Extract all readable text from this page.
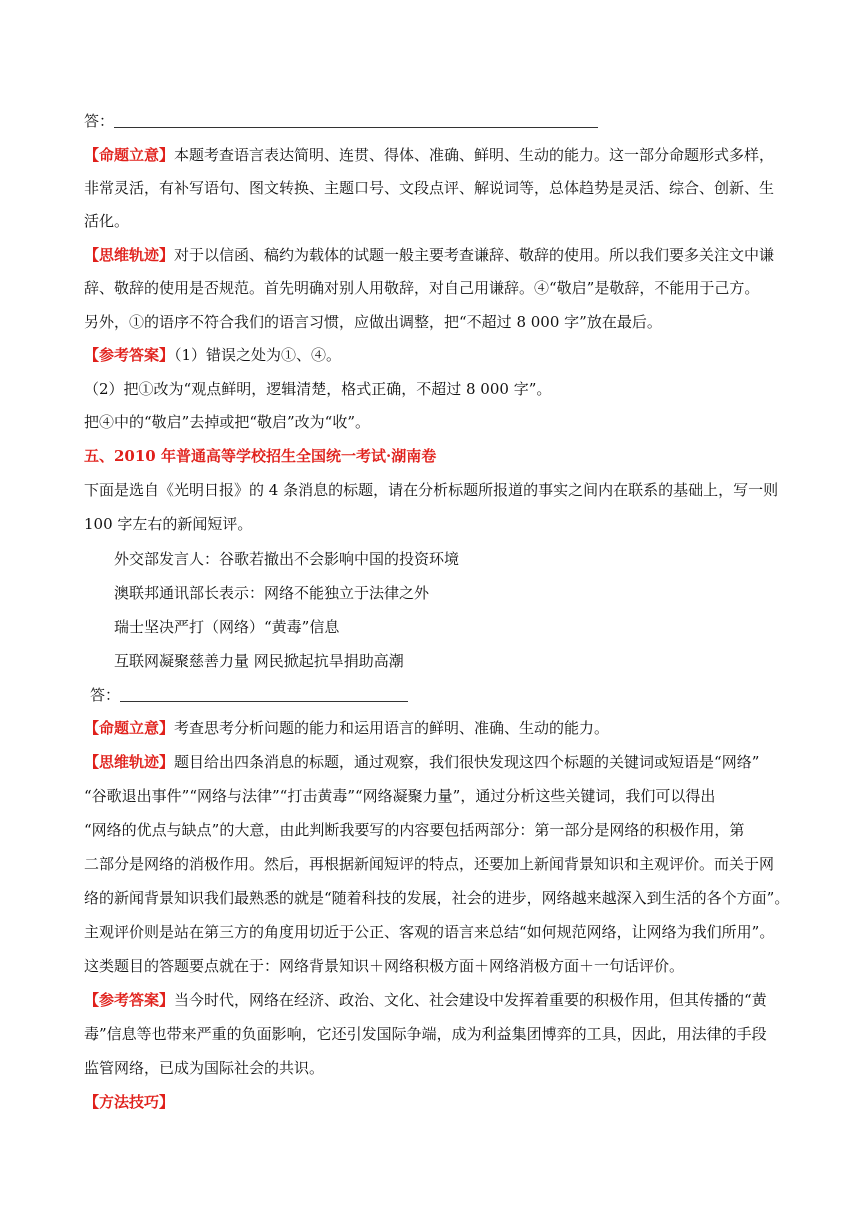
答：
【命题立意】本题考查语言表达简明、连贯、得体、准确、鲜明、生动的能力。这一部分命题形式多样，
非常灵活，有补写语句、图文转换、主题口号、文段点评、解说词等，总体趋势是灵活、综合、创新、生
活化。
【思维轨迹】对于以信函、稿约为载体的试题一般主要考查谦辞、敬辞的使用。所以我们要多关注文中谦
辞、敬辞的使用是否规范。首先明确对别人用敬辞，对自己用谦辞。④“敬启”是敬辞，不能用于己方。
另外，①的语序不符合我们的语言习惯，应做出调整，把“不超过 8 000 字”放在最后。
【参考答案】（1）错误之处为①、④。
（2）把①改为“观点鲜明，逻辑清楚，格式正确，不超过 8 000 字”。
把④中的“敬启”去掉或把“敬启”改为“收”。
五、2010 年普通高等学校招生全国统一考试·湖南卷
下面是选自《光明日报》的 4 条消息的标题，请在分析标题所报道的事实之间内在联系的基础上，写一则
100 字左右的新闻短评。
外交部发言人：谷歌若撤出不会影响中国的投资环境
澳联邦通讯部长表示：网络不能独立于法律之外
瑞士坚决严打（网络）“黄毒”信息
互联网凝聚慈善力量 网民掀起抗旱捐助高潮
答：
【命题立意】考查思考分析问题的能力和运用语言的鲜明、准确、生动的能力。
【思维轨迹】题目给出四条消息的标题，通过观察，我们很快发现这四个标题的关键词或短语是“网络”
“谷歌退出事件”“网络与法律”“打击黄毒”“网络凝聚力量”，通过分析这些关键词，我们可以得出
“网络的优点与缺点”的大意，由此判断我要写的内容要包括两部分：第一部分是网络的积极作用，第
二部分是网络的消极作用。然后，再根据新闻短评的特点，还要加上新闻背景知识和主观评价。而关于网
络的新闻背景知识我们最熟悉的就是“随着科技的发展，社会的进步，网络越来越深入到生活的各个方面”。
主观评价则是站在第三方的角度用切近于公正、客观的语言来总结“如何规范网络，让网络为我们所用”。
这类题目的答题要点就在于：网络背景知识＋网络积极方面＋网络消极方面＋一句话评价。
【参考答案】当今时代，网络在经济、政治、文化、社会建设中发挥着重要的积极作用，但其传播的“黄
毒”信息等也带来严重的负面影响，它还引发国际争端，成为利益集团博弈的工具，因此，用法律的手段
监管网络，已成为国际社会的共识。
【方法技巧】
